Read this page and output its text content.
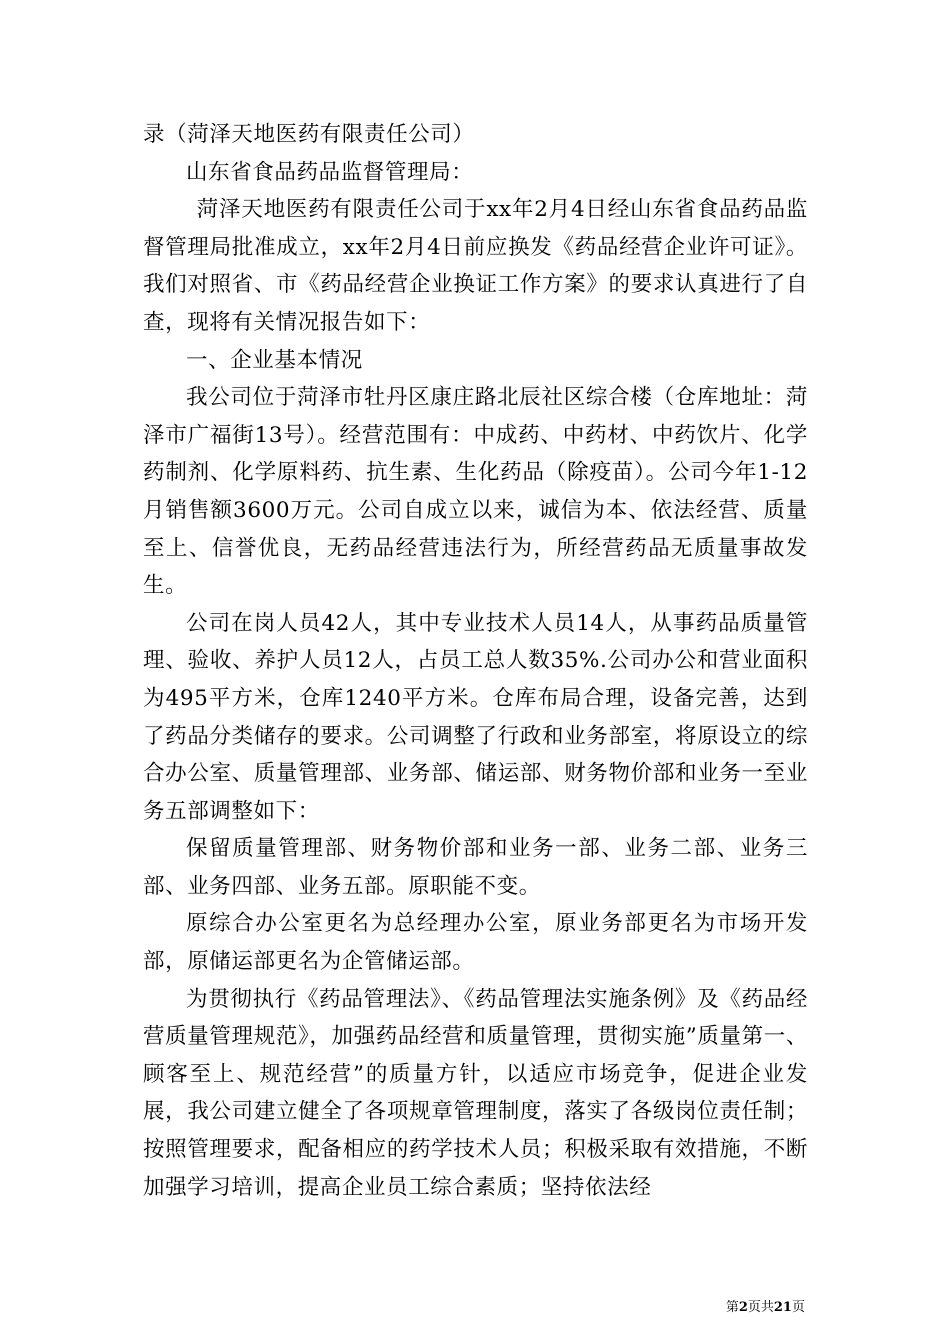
录（菏泽天地医药有限责任公司）

山东省食品药品监督管理局：

菏泽天地医药有限责任公司于xx年2月4日经山东省食品药品监督管理局批准成立，xx年2月4日前应换发《药品经营企业许可证》。我们对照省、市《药品经营企业换证工作方案》的要求认真进行了自查，现将有关情况报告如下：

一、企业基本情况

我公司位于菏泽市牡丹区康庄路北辰社区综合楼（仓库地址：菏泽市广福街13号）。经营范围有：中成药、中药材、中药饮片、化学药制剂、化学原料药、抗生素、生化药品（除疫苗）。公司今年1-12月销售额3600万元。公司自成立以来，诚信为本、依法经营、质量至上、信誉优良，无药品经营违法行为，所经营药品无质量事故发生。

公司在岗人员42人，其中专业技术人员14人，从事药品质量管理、验收、养护人员12人，占员工总人数35%.公司办公和营业面积为495平方米，仓库1240平方米。仓库布局合理，设备完善，达到了药品分类储存的要求。公司调整了行政和业务部室，将原设立的综合办公室、质量管理部、业务部、储运部、财务物价部和业务一至业务五部调整如下：

保留质量管理部、财务物价部和业务一部、业务二部、业务三部、业务四部、业务五部。原职能不变。

原综合办公室更名为总经理办公室，原业务部更名为市场开发部，原储运部更名为企管储运部。

为贯彻执行《药品管理法》、《药品管理法实施条例》及《药品经营质量管理规范》，加强药品经营和质量管理，贯彻实施”质量第一、顾客至上、规范经营”的质量方针，以适应市场竞争，促进企业发展，我公司建立健全了各项规章管理制度，落实了各级岗位责任制；按照管理要求，配备相应的药学技术人员；积极采取有效措施，不断加强学习培训，提高企业员工综合素质；坚持依法经

第2页共21页
